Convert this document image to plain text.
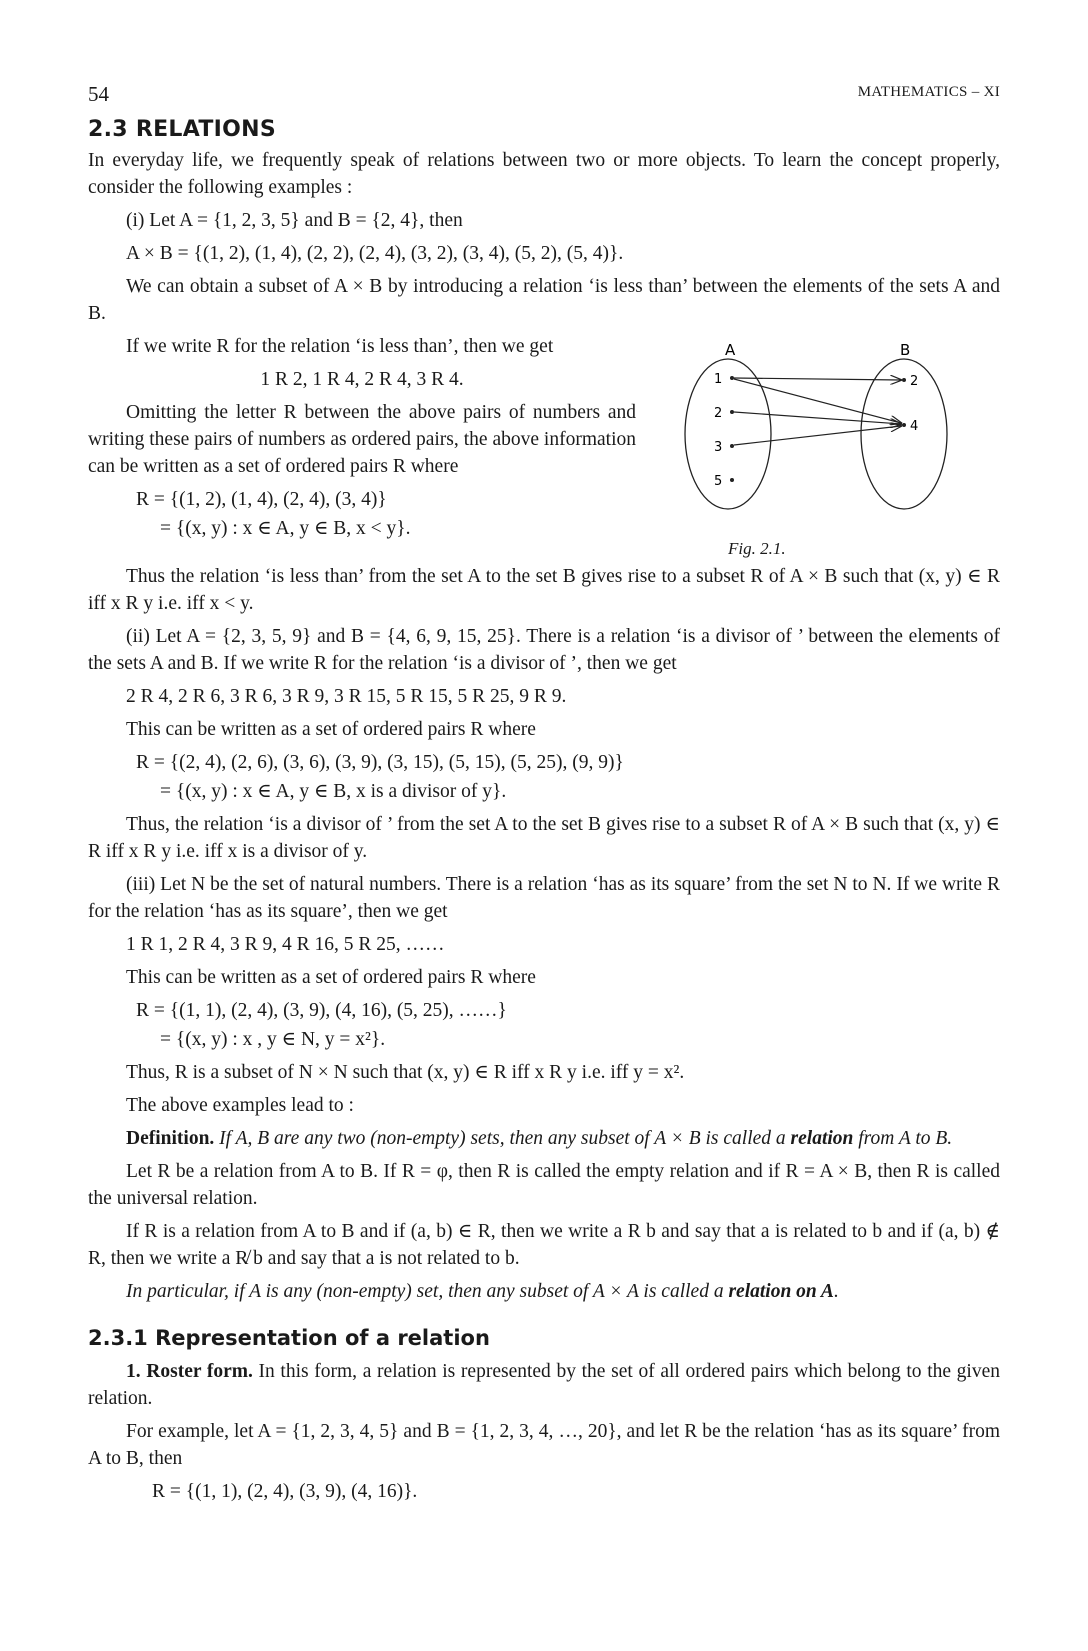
54	MATHEMATICS – XI
2.3 RELATIONS

In everyday life, we frequently speak of relations between two or more objects. To learn the concept properly, consider the following examples :

(i) Let A = {1, 2, 3, 5} and B = {2, 4}, then
A × B = {(1, 2), (1, 4), (2, 2), (2, 4), (3, 2), (3, 4), (5, 2), (5, 4)}.

We can obtain a subset of A × B by introducing a relation ‘is less than’ between the elements of the sets A and B.

If we write R for the relation ‘is less than’, then we get

1 R 2, 1 R 4, 2 R 4, 3 R 4.

Omitting the letter R between the above pairs of numbers and writing these pairs of numbers as ordered pairs, the above information can be written as a set of ordered pairs R where

R = {(1, 2), (1, 4), (2, 4), (3, 4)}
= {(x, y) : x ∈ A, y ∈ B, x < y}.
A	B
1
2
3
5
2
4

Thus the relation ‘is less than’ from the set A to the set B gives rise to a subset R of A × B such that (x, y) ∈ R iff x R y i.e. iff x < y.

(ii) Let A = {2, 3, 5, 9} and B = {4, 6, 9, 15, 25}. There is a relation ‘is a divisor of ’ between the elements of the sets A and B. If we write R for the relation ‘is a divisor of ’, then we get

2 R 4, 2 R 6, 3 R 6, 3 R 9, 3 R 15, 5 R 15, 5 R 25, 9 R 9.
This can be written as a set of ordered pairs R where
R = {(2, 4), (2, 6), (3, 6), (3, 9), (3, 15), (5, 15), (5, 25), (9, 9)}
= {(x, y) : x ∈ A, y ∈ B, x is a divisor of y}.

Thus, the relation ‘is a divisor of ’ from the set A to the set B gives rise to a subset R of A × B such that (x, y) ∈ R iff x R y i.e. iff x is a divisor of y.

(iii) Let N be the set of natural numbers. There is a relation ‘has as its square’ from the set N to N. If we write R for the relation ‘has as its square’, then we get

1 R 1, 2 R 4, 3 R 9, 4 R 16, 5 R 25, ……
This can be written as a set of ordered pairs R where
R = {(1, 1), (2, 4), (3, 9), (4, 16), (5, 25), ……}
= {(x, y) : x , y ∈ N, y = x²}.
Thus, R is a subset of N × N such that (x, y) ∈ R iff x R y i.e. iff y = x².
The above examples lead to :

Definition. If A, B are any two (non-empty) sets, then any subset of A × B is called a relation from A to B.

Let R be a relation from A to B. If R = φ, then R is called the empty relation and if R = A × B, then R is called the universal relation.

If R is a relation from A to B and if (a, b) ∈ R, then we write a R b and say that a is related to b and if (a, b) ∉ R, then we write a R̸ b and say that a is not related to b.

In particular, if A is any (non-empty) set, then any subset of A × A is called a relation on A.

2.3.1 Representation of a relation

1. Roster form. In this form, a relation is represented by the set of all ordered pairs which belong to the given relation.

For example, let A = {1, 2, 3, 4, 5} and B = {1, 2, 3, 4, …, 20}, and let R be the relation ‘has as its square’ from A to B, then

R = {(1, 1), (2, 4), (3, 9), (4, 16)}.
Fig. 2.1.
